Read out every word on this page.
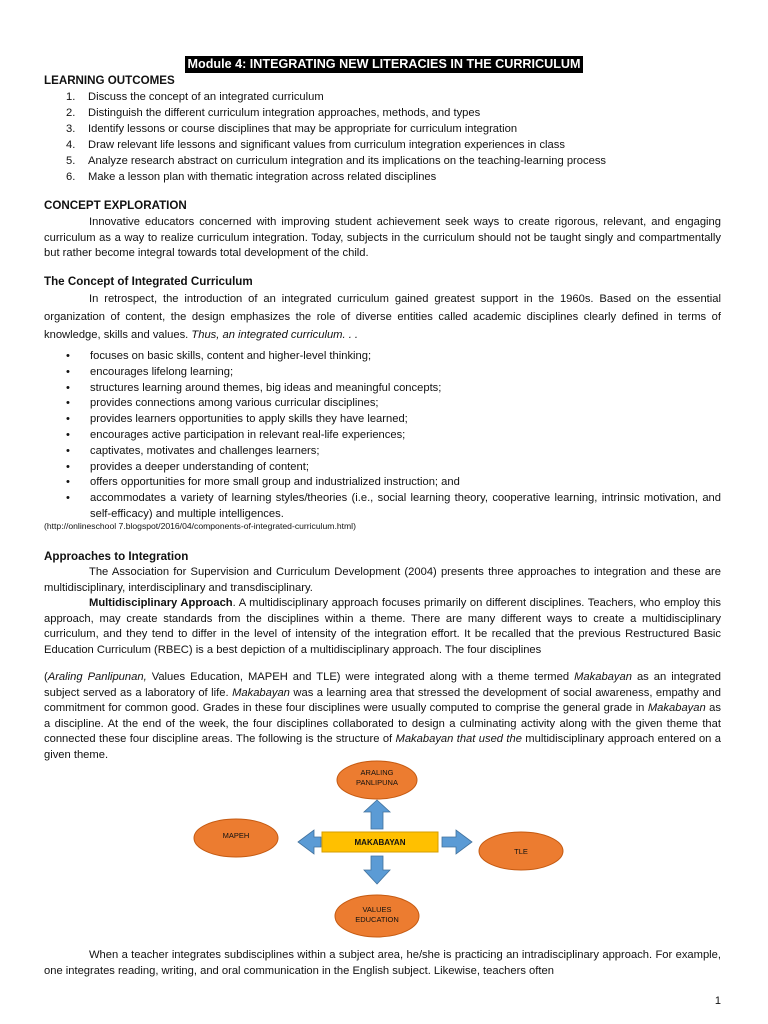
Module 4: INTEGRATING NEW LITERACIES IN THE CURRICULUM
LEARNING OUTCOMES
1. Discuss the concept of an integrated curriculum
2. Distinguish the different curriculum integration approaches, methods, and types
3. Identify lessons or course disciplines that may be appropriate for curriculum integration
4. Draw relevant life lessons and significant values from curriculum integration experiences in class
5. Analyze research abstract on curriculum integration and its implications on the teaching-learning process
6. Make a lesson plan with thematic integration across related disciplines
CONCEPT EXPLORATION
Innovative educators concerned with improving student achievement seek ways to create rigorous, relevant, and engaging curriculum as a way to realize curriculum integration. Today, subjects in the curriculum should not be taught singly and compartmentally but rather become integral towards total development of the child.
The Concept of Integrated Curriculum
In retrospect, the introduction of an integrated curriculum gained greatest support in the 1960s. Based on the essential organization of content, the design emphasizes the role of diverse entities called academic disciplines clearly defined in terms of knowledge, skills and values. Thus, an integrated curriculum. . .
• focuses on basic skills, content and higher-level thinking;
• encourages lifelong learning;
• structures learning around themes, big ideas and meaningful concepts;
• provides connections among various curricular disciplines;
• provides learners opportunities to apply skills they have learned;
• encourages active participation in relevant real-life experiences;
• captivates, motivates and challenges learners;
• provides a deeper understanding of content;
• offers opportunities for more small group and industrialized instruction; and
• accommodates a variety of learning styles/theories (i.e., social learning theory, cooperative learning, intrinsic motivation, and self-efficacy) and multiple intelligences.
(http://onlineschool 7.blogspot/2016/04/components-of-integrated-curriculum.html)
Approaches to Integration
The Association for Supervision and Curriculum Development (2004) presents three approaches to integration and these are multidisciplinary, interdisciplinary and transdisciplinary.
Multidisciplinary Approach. A multidisciplinary approach focuses primarily on different disciplines. Teachers, who employ this approach, may create standards from the disciplines within a theme. There are many different ways to create a multidisciplinary curriculum, and they tend to differ in the level of intensity of the integration effort. It be recalled that the previous Restructured Basic Education Curriculum (RBEC) is a best depiction of a multidisciplinary approach. The four disciplines
(Araling Panlipunan, Values Education, MAPEH and TLE) were integrated along with a theme termed Makabayan as an integrated subject served as a laboratory of life. Makabayan was a learning area that stressed the development of social awareness, empathy and commitment for common good. Grades in these four disciplines were usually computed to comprise the general grade in Makabayan as a discipline. At the end of the week, the four disciplines collaborated to design a culminating activity along with the given theme that connected these four discipline areas. The following is the structure of Makabayan that used the multidisciplinary approach entered on a given theme.
ARALING
PANLIPUNA
MAKABAYAN
MAPEH
TLE
VALUES
EDUCATION
When a teacher integrates subdisciplines within a subject area, he/she is practicing an intradisciplinary approach. For example, one integrates reading, writing, and oral communication in the English subject. Likewise, teachers often
1
